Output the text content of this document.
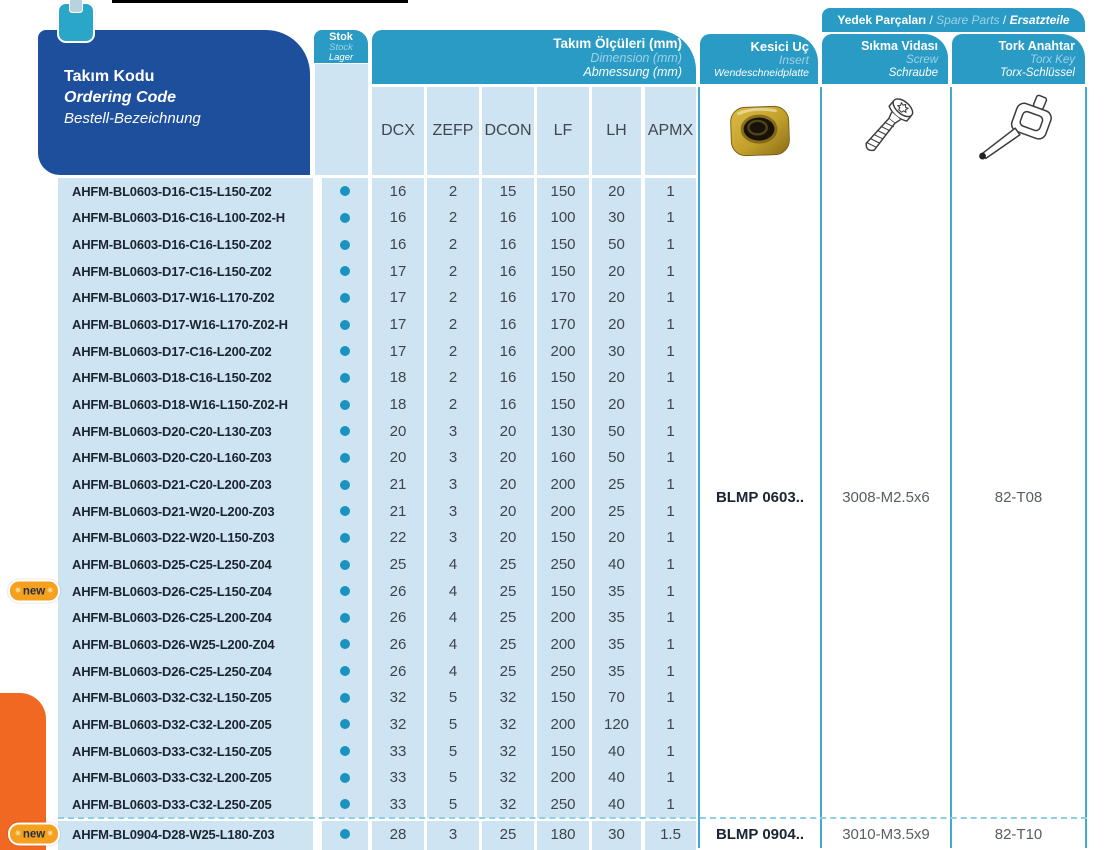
Takım Kodu
Ordering Code
Bestell-Bezeichnung
Stok
Stock
Lager
Takım Ölçüleri (mm)
Dimension (mm)
Abmessung (mm)
DCX	ZEFP DCON	LF	LH	APMX
Kesici Uç
Insert
Wendeschneidplatte
Yedek Parçaları / Spare Parts / Ersatzteile
Sıkma Vidası
Screw
Schraube
Tork Anahtar
Torx Key
Torx-Schlüssel
AHFM-BL0603-D16-C15-L150-Z02	16	2	15	150	20	1
AHFM-BL0603-D16-C16-L100-Z02-H	16	2	16	100	30	1
AHFM-BL0603-D16-C16-L150-Z02	16	2	16	150	50	1
AHFM-BL0603-D17-C16-L150-Z02	17	2	16	150	20	1
AHFM-BL0603-D17-W16-L170-Z02	17	2	16	170	20	1
AHFM-BL0603-D17-W16-L170-Z02-H	17	2	16	170	20	1
AHFM-BL0603-D17-C16-L200-Z02	17	2	16	200	30	1
AHFM-BL0603-D18-C16-L150-Z02	18	2	16	150	20	1
AHFM-BL0603-D18-W16-L150-Z02-H	18	2	16	150	20	1
AHFM-BL0603-D20-C20-L130-Z03	20	3	20	130	50	1
AHFM-BL0603-D20-C20-L160-Z03	20	3	20	160	50	1
AHFM-BL0603-D21-C20-L200-Z03	21	3	20	200	25	1
AHFM-BL0603-D21-W20-L200-Z03	21	3	20	200	25	1
AHFM-BL0603-D22-W20-L150-Z03	22	3	20	150	20	1
AHFM-BL0603-D25-C25-L250-Z04	25	4	25	250	40	1
AHFM-BL0603-D26-C25-L150-Z04	26	4	25	150	35	1
✳ new ✳
AHFM-BL0603-D26-C25-L200-Z04	26	4	25	200	35	1
AHFM-BL0603-D26-W25-L200-Z04	26	4	25	200	35	1
AHFM-BL0603-D26-C25-L250-Z04	26	4	25	250	35	1
AHFM-BL0603-D32-C32-L150-Z05	32	5	32	150	70	1
AHFM-BL0603-D32-C32-L200-Z05	32	5	32	200	120	1
AHFM-BL0603-D33-C32-L150-Z05	33	5	32	150	40	1
AHFM-BL0603-D33-C32-L200-Z05	33	5	32	200	40	1
AHFM-BL0603-D33-C32-L250-Z05	33	5	32	250	40	1
AHFM-BL0904-D28-W25-L180-Z03	28	3	25	180	30	1.5
✳ new ✳
BLMP 0603..	3008-M2.5x6	82-T08
BLMP 0904..	3010-M3.5x9	82-T10
